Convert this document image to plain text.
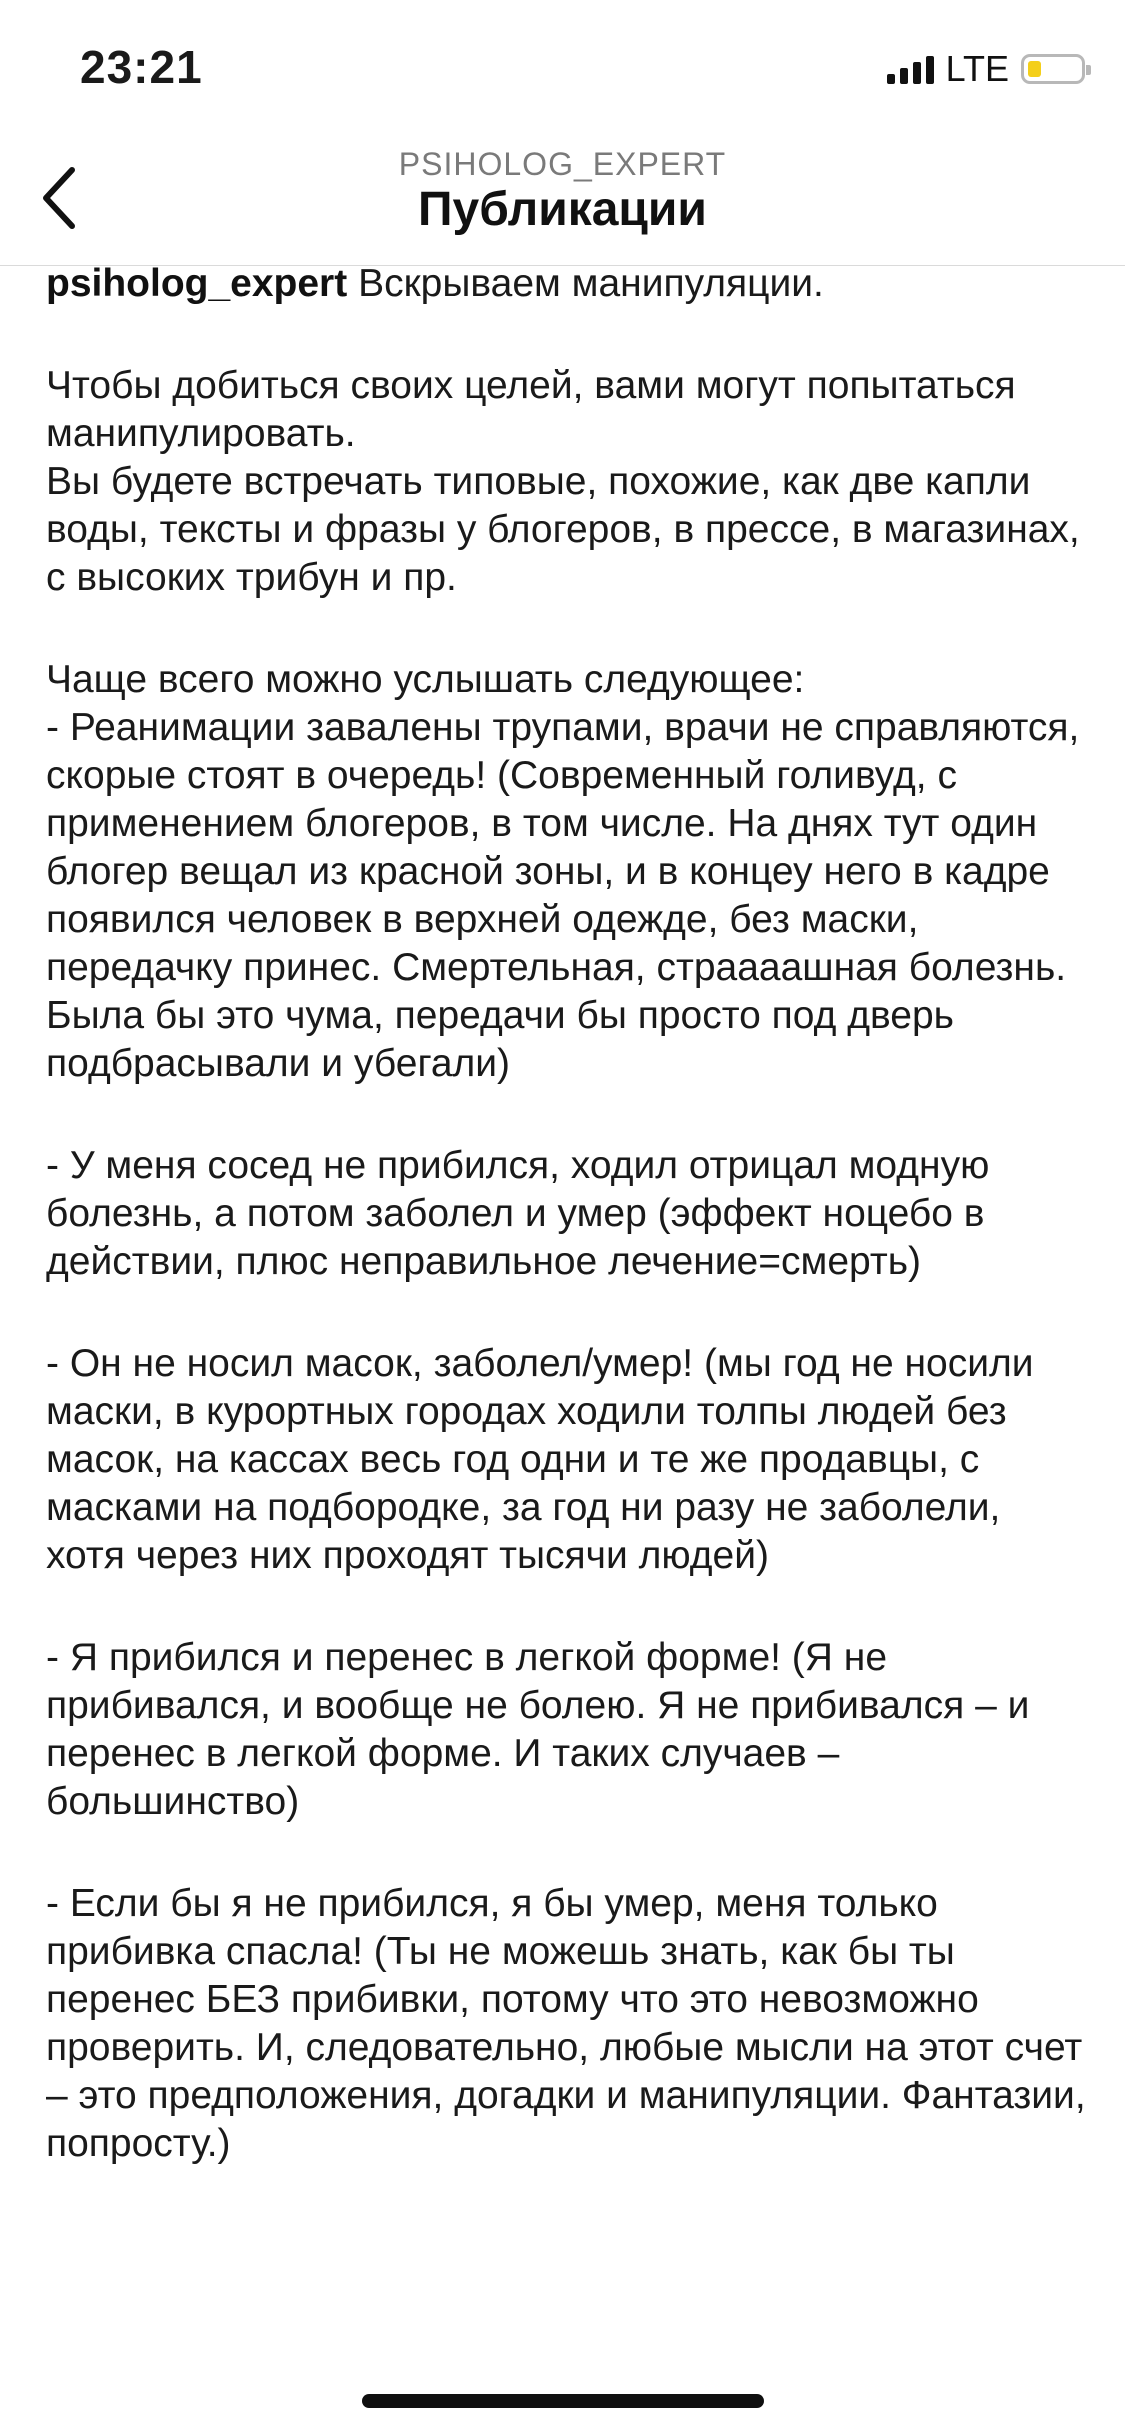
23:21	LTE
PSIHOLOG_EXPERT
Публикации

psiholog_expert Вскрываем манипуляции.

Чтобы добиться своих целей, вами могут попытаться манипулировать.

Вы будете встречать типовые, похожие, как две капли воды, тексты и фразы у блогеров, в прессе, в магазинах, с высоких трибун и пр.

Чаще всего можно услышать следующее:

- Реанимации завалены трупами, врачи не справляются, скорые стоят в очередь! (Современный голивуд, с применением блогеров, в том числе. На днях тут один блогер вещал из красной зоны, и в концеу него в кадре появился человек в верхней одежде, без маски, передачку принес. Смертельная, страааашная болезнь. Была бы это чума, передачи бы просто под дверь подбрасывали и убегали)

- У меня сосед не прибился, ходил отрицал модную болезнь, а потом заболел и умер (эффект ноцебо в действии, плюс неправильное лечение=смерть)

- Он не носил масок, заболел/умер! (мы год не носили маски, в курортных городах ходили толпы людей без масок, на кассах весь год одни и те же продавцы, с масками на подбородке, за год ни разу не заболели, хотя через них проходят тысячи людей)

- Я прибился и перенес в легкой форме! (Я не прибивался, и вообще не болею. Я не прибивался – и перенес в легкой форме. И таких случаев – большинство)

- Если бы я не прибился, я бы умер, меня только прибивка спасла! (Ты не можешь знать, как бы ты перенес БЕЗ прибивки, потому что это невозможно проверить. И, следовательно, любые мысли на этот счет – это предположения, догадки и манипуляции. Фантазии, попросту.)
